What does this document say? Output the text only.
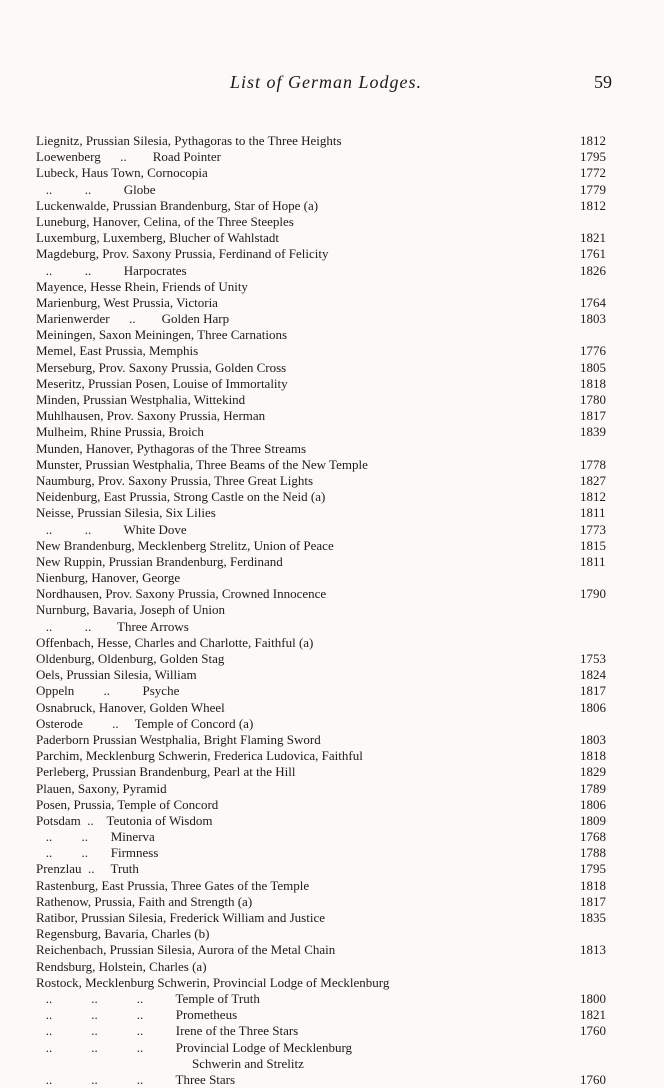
List of German Lodges.	59
Liegnitz, Prussian Silesia, Pythagoras to the Three Heights	1812
Loewenberg      ..        Road Pointer	1795
Lubeck, Haus Town, Cornocopia	1772
..          ..          Globe	1779
Luckenwalde, Prussian Brandenburg, Star of Hope (a)	1812
Luneburg, Hanover, Celina, of the Three Steeples
Luxemburg, Luxemberg, Blucher of Wahlstadt	1821
Magdeburg, Prov. Saxony Prussia, Ferdinand of Felicity	1761
..          ..          Harpocrates	1826
Mayence, Hesse Rhein, Friends of Unity
Marienburg, West Prussia, Victoria	1764
Marienwerder      ..        Golden Harp	1803
Meiningen, Saxon Meiningen, Three Carnations
Memel, East Prussia, Memphis	1776
Merseburg, Prov. Saxony Prussia, Golden Cross	1805
Meseritz, Prussian Posen, Louise of Immortality	1818
Minden, Prussian Westphalia, Wittekind	1780
Muhlhausen, Prov. Saxony Prussia, Herman	1817
Mulheim, Rhine Prussia, Broich	1839
Munden, Hanover, Pythagoras of the Three Streams
Munster, Prussian Westphalia, Three Beams of the New Temple	1778
Naumburg, Prov. Saxony Prussia, Three Great Lights	1827
Neidenburg, East Prussia, Strong Castle on the Neid (a)	1812
Neisse, Prussian Silesia, Six Lilies	1811
..          ..          White Dove	1773
New Brandenburg, Mecklenberg Strelitz, Union of Peace	1815
New Ruppin, Prussian Brandenburg, Ferdinand	1811
Nienburg, Hanover, George
Nordhausen, Prov. Saxony Prussia, Crowned Innocence	1790
Nurnburg, Bavaria, Joseph of Union
..          ..        Three Arrows
Offenbach, Hesse, Charles and Charlotte, Faithful (a)
Oldenburg, Oldenburg, Golden Stag	1753
Oels, Prussian Silesia, William	1824
Oppeln         ..          Psyche	1817
Osnabruck, Hanover, Golden Wheel	1806
Osterode         ..     Temple of Concord (a)
Paderborn Prussian Westphalia, Bright Flaming Sword	1803
Parchim, Mecklenburg Schwerin, Frederica Ludovica, Faithful	1818
Perleberg, Prussian Brandenburg, Pearl at the Hill	1829
Plauen, Saxony, Pyramid	1789
Posen, Prussia, Temple of Concord	1806
Potsdam  ..    Teutonia of Wisdom	1809
..         ..       Minerva	1768
..         ..       Firmness	1788
Prenzlau  ..     Truth	1795
Rastenburg, East Prussia, Three Gates of the Temple	1818
Rathenow, Prussia, Faith and Strength (a)	1817
Ratibor, Prussian Silesia, Frederick William and Justice	1835
Regensburg, Bavaria, Charles (b)
Reichenbach, Prussian Silesia, Aurora of the Metal Chain	1813
Rendsburg, Holstein, Charles (a)
Rostock, Mecklenburg Schwerin, Provincial Lodge of Mecklenburg
..            ..            ..          Temple of Truth	1800
..            ..            ..          Prometheus	1821
..            ..            ..          Irene of the Three Stars	1760
..            ..            ..          Provincial Lodge of Mecklenburg
Schwerin and Strelitz
..            ..            ..          Three Stars	1760
